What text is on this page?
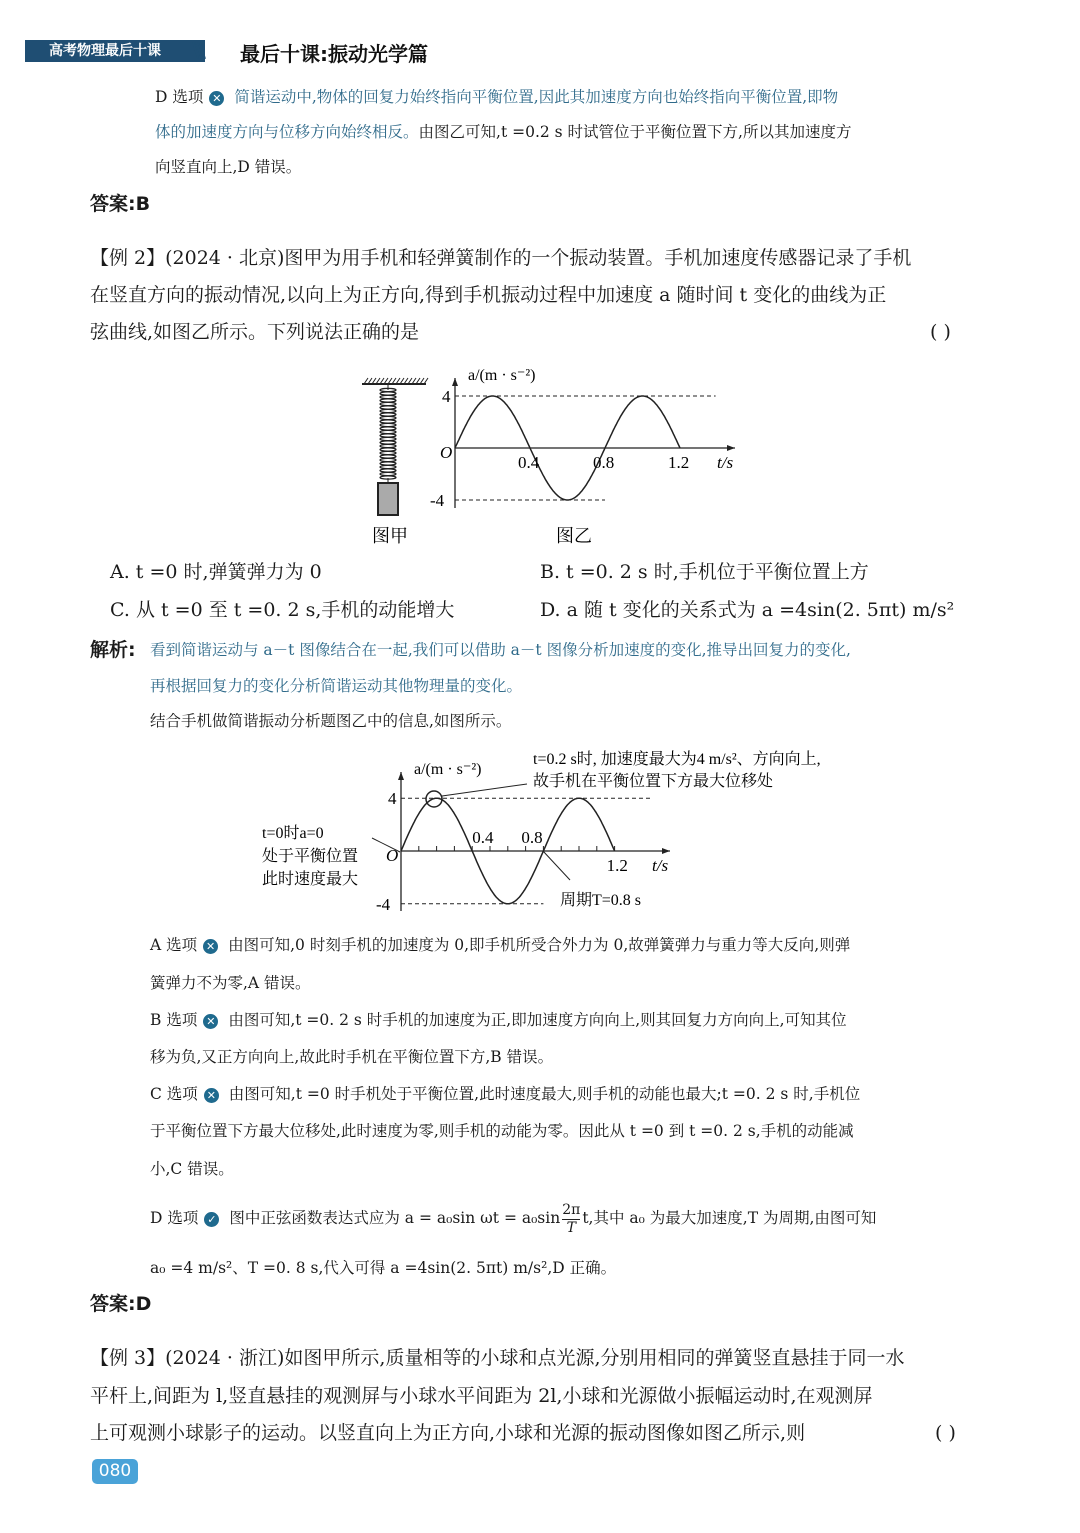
高考物理最后十课	\\\ 最后十课:振动光学篇
D 选项 ✕ 简谐运动中,物体的回复力始终指向平衡位置,因此其加速度方向也始终指向平衡位置,即物
体的加速度方向与位移方向始终相反。由图乙可知,t =0.2 s 时试管位于平衡位置下方,所以其加速度方
向竖直向上,D 错误。
答案:B
【例 2】(2024 · 北京)图甲为用手机和轻弹簧制作的一个振动装置。手机加速度传感器记录了手机
在竖直方向的振动情况,以向上为正方向,得到手机振动过程中加速度 a 随时间 t 变化的曲线为正
弦曲线,如图乙所示。下列说法正确的是	( )
4
-4
O
0.4	0.8	1.2 t/s
a/(m · s⁻²)
图甲	图乙
A. t =0 时,弹簧弹力为 0	B. t =0. 2 s 时,手机位于平衡位置上方
C. 从 t =0 至 t =0. 2 s,手机的动能增大	D. a 随 t 变化的关系式为 a =4sin(2. 5πt) m/s²
解析: 看到简谐运动与 a－t 图像结合在一起,我们可以借助 a－t 图像分析加速度的变化,推导出回复力的变化,
再根据回复力的变化分析简谐运动其他物理量的变化。
结合手机做简谐振动分析题图乙中的信息,如图所示。
4
-4
O
0.4 0.8
1.2 t/s
a/(m · s⁻²)
t=0.2 s时, 加速度最大为4 m/s²、方向向上,
故手机在平衡位置下方最大位移处
t=0时a=0
处于平衡位置
此时速度最大
周期T=0.8 s
A 选项 ✕ 由图可知,0 时刻手机的加速度为 0,即手机所受合外力为 0,故弹簧弹力与重力等大反向,则弹
簧弹力不为零,A 错误。
B 选项 ✕ 由图可知,t =0. 2 s 时手机的加速度为正,即加速度方向向上,则其回复力方向向上,可知其位
移为负,又正方向向上,故此时手机在平衡位置下方,B 错误。
C 选项 ✕ 由图可知,t =0 时手机处于平衡位置,此时速度最大,则手机的动能也最大;t =0. 2 s 时,手机位
于平衡位置下方最大位移处,此时速度为零,则手机的动能为零。因此从 t =0 到 t =0. 2 s,手机的动能减
小,C 错误。
D 选项 ✓ 图中正弦函数表达式应为 a = a₀sin $\omega t = a_0\sin \frac{2\pi}{T} t$,其中 a₀ 为最大加速度,T 为周期,由图可知
a₀ =4 m/s²、T =0. 8 s,代入可得 a =4sin(2. 5πt) m/s²,D 正确。
答案:D
【例 3】(2024 · 浙江)如图甲所示,质量相等的小球和点光源,分别用相同的弹簧竖直悬挂于同一水
平杆上,间距为 l,竖直悬挂的观测屏与小球水平间距为 2l,小球和光源做小振幅运动时,在观测屏
上可观测小球影子的运动。以竖直向上为正方向,小球和光源的振动图像如图乙所示,则	( )
080
